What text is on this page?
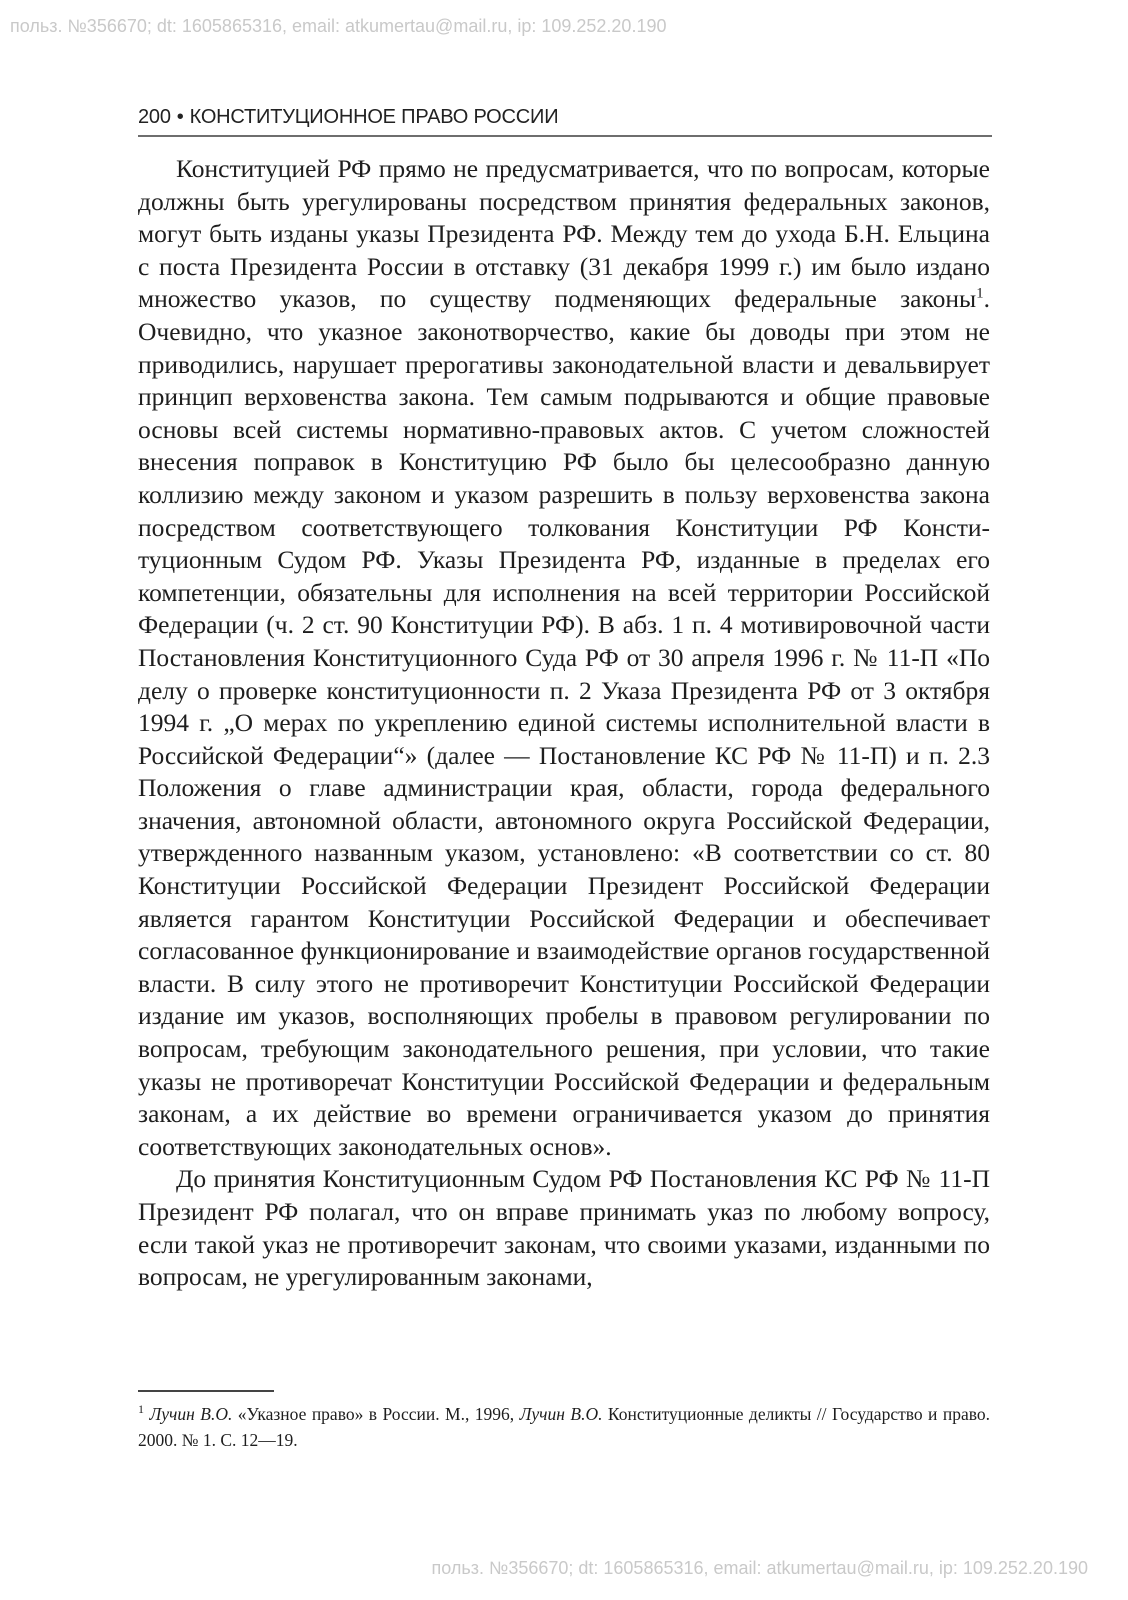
польз. №356670; dt: 1605865316, email: atkumertau@mail.ru, ip: 109.252.20.190
200 • КОНСТИТУЦИОННОЕ ПРАВО РОССИИ

Конституцией РФ прямо не предусматривается, что по вопросам, которые должны быть урегулированы посредством принятия федеральных законов, могут быть изданы указы Президента РФ. Между тем до ухода Б.Н. Ельцина с поста Президента России в отставку (31 декабря 1999 г.) им было издано множество указов, по существу подменяющих федеральные законы$^1$. Очевидно, что указное законотворчество, какие бы доводы при этом не приводились, нарушает прерогативы законодательной власти и девальвирует принцип верховенства закона. Тем самым подрываются и общие правовые основы всей системы нормативно-правовых актов. С учетом сложностей внесения поправок в Конституцию РФ было бы целесообразно данную коллизию между законом и указом разрешить в пользу верховенства закона посредством соответствующего толкования Конституции РФ Конституционным Судом РФ. Указы Президента РФ, изданные в пределах его компетенции, обязательны для исполнения на всей территории Российской Федерации (ч. 2 ст. 90 Конституции РФ). В абз. 1 п. 4 мотивировочной части Постановления Конституционного Суда РФ от 30 апреля 1996 г. № 11-П «По делу о проверке конституционности п. 2 Указа Президента РФ от 3 октября 1994 г. „О мерах по укреплению единой системы исполнительной власти в Российской Федерации“» (далее — Постановление КС РФ № 11-П) и п. 2.3 Положения о главе администрации края, области, города федерального значения, автономной области, автономного округа Российской Федерации, утвержденного названным указом, установлено: «В соответствии со ст. 80 Конституции Российской Федерации Президент Российской Федерации является гарантом Конституции Российской Федерации и обеспечивает согласованное функционирование и взаимодействие органов государственной власти. В силу этого не противоречит Конституции Российской Федерации издание им указов, восполняющих пробелы в правовом регулировании по вопросам, требующим законодательного решения, при условии, что такие указы не противоречат Конституции Российской Федерации и федеральным законам, а их действие во времени ограничивается указом до принятия соответствующих законодательных основ».

До принятия Конституционным Судом РФ Постановления КС РФ № 11-П Президент РФ полагал, что он вправе принимать указ по любому вопросу, если такой указ не противоречит законам, что своими указами, изданными по вопросам, не урегулированным законами,

$^1$ Лучин В.О. «Указное право» в России. М., 1996, Лучин В.О. Конституционные деликты // Государство и право. 2000. № 1. С. 12—19.
польз. №356670; dt: 1605865316, email: atkumertau@mail.ru, ip: 109.252.20.190
